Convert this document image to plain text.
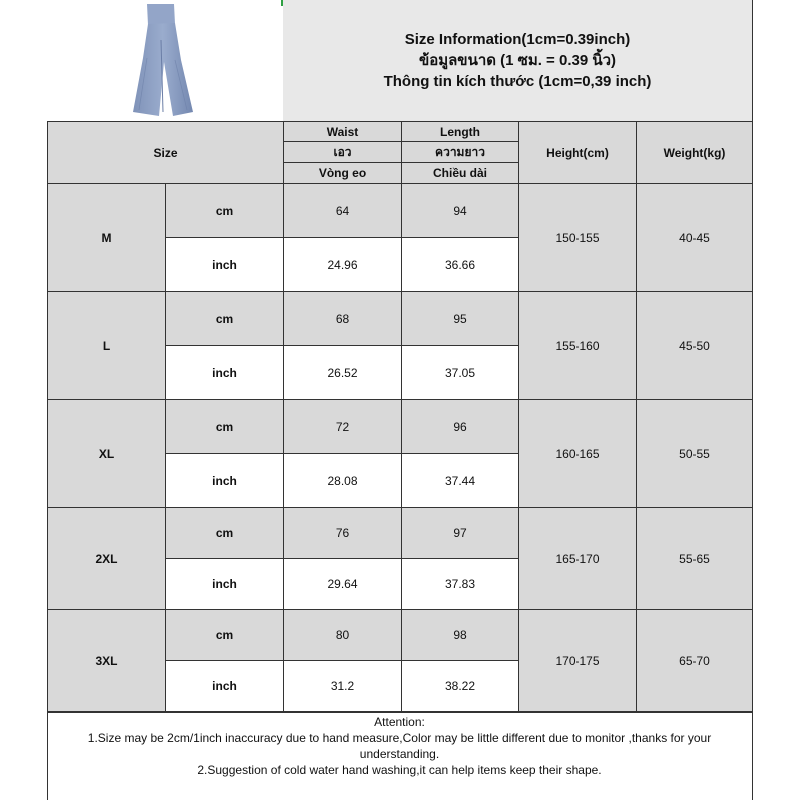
Size Information(1cm=0.39inch)
ข้อมูลขนาด (1 ซม. = 0.39 นิ้ว)
Thông tin kích thước (1cm=0,39 inch)
Size		Waist	Length	Height(cm)	Weight(kg)
		เอว	ความยาว		
		Vòng eo	Chiều dài		
M	cm	64	94	150-155	40-45
	inch	24.96	36.66		
L	cm	68	95	155-160	45-50
	inch	26.52	37.05		
XL	cm	72	96	160-165	50-55
	inch	28.08	37.44		
2XL	cm	76	97	165-170	55-65
	inch	29.64	37.83		
3XL	cm	80	98	170-175	65-70
	inch	31.2	38.22		
Attention:
1.Size may be 2cm/1inch inaccuracy due to hand measure,Color may be little different due to monitor ,thanks for your understanding.
2.Suggestion of cold water hand washing,it can help items keep their shape.
